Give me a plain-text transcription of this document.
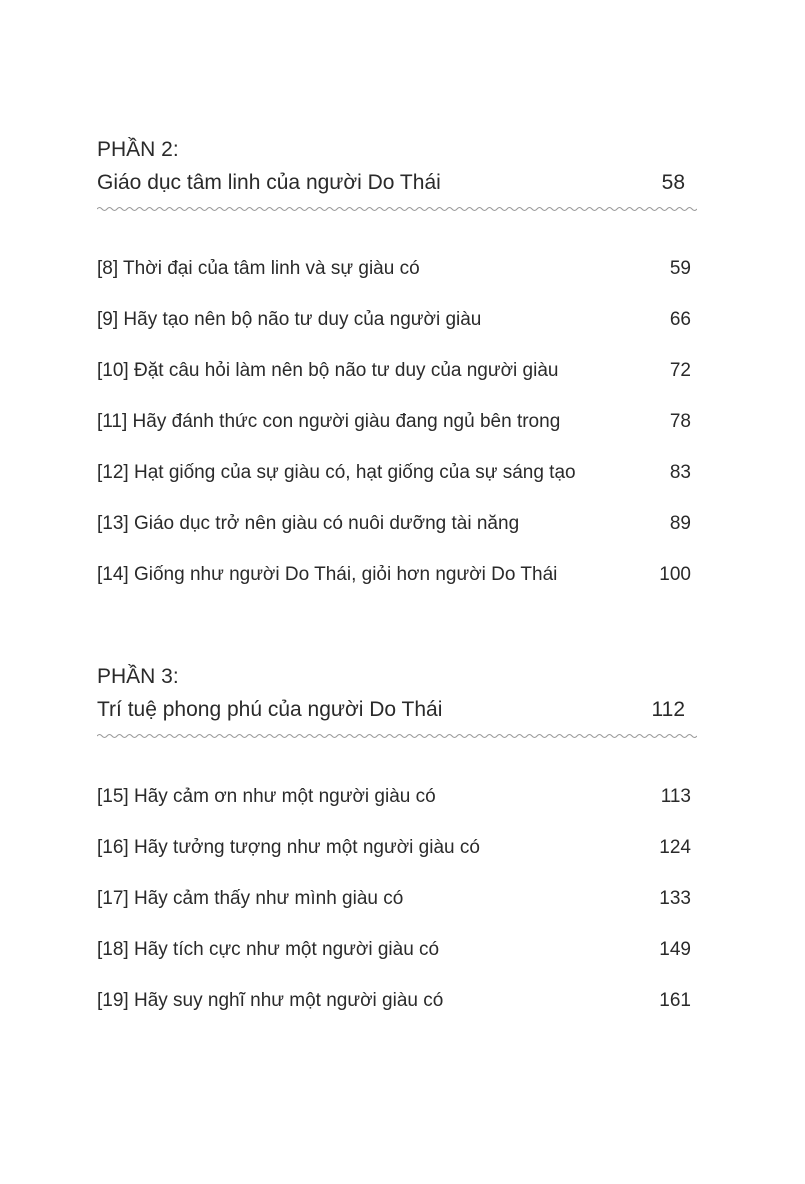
PHẦN 2:
Giáo dục tâm linh của người Do Thái	58
[8] Thời đại của tâm linh và sự giàu có	59
[9] Hãy tạo nên bộ não tư duy của người giàu	66
[10] Đặt câu hỏi làm nên bộ não tư duy của người giàu	72
[11] Hãy đánh thức con người giàu đang ngủ bên trong	78
[12] Hạt giống của sự giàu có, hạt giống của sự sáng tạo	83
[13] Giáo dục trở nên giàu có nuôi dưỡng tài năng	89
[14] Giống như người Do Thái, giỏi hơn người Do Thái	100
PHẦN 3:
Trí tuệ phong phú của người Do Thái	112
[15] Hãy cảm ơn như một người giàu có	113
[16] Hãy tưởng tượng như một người giàu có	124
[17] Hãy cảm thấy như mình giàu có	133
[18] Hãy tích cực như một người giàu có	149
[19] Hãy suy nghĩ như một người giàu có	161
